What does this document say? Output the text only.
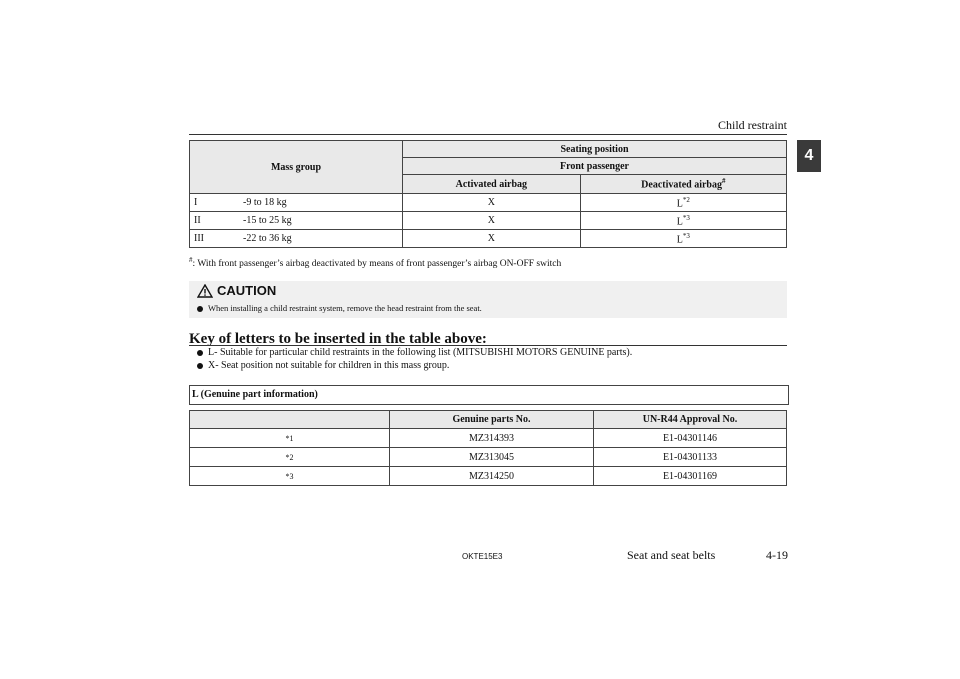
Child restraint
4
Mass group	Seating position	
	Front passenger	
	Activated airbag	Deactivated airbag#
I -9 to 18 kg	X	$L^{*2}$
II -15 to 25 kg	X	$L^{*3}$
III -22 to 36 kg	X	$L^{*3}$
#: With front passenger’s airbag deactivated by means of front passenger’s airbag ON-OFF switch
CAUTION
When installing a child restraint system, remove the head restraint from the seat.
Key of letters to be inserted in the table above:
L- Suitable for particular child restraints in the following list (MITSUBISHI MOTORS GENUINE parts).
X- Seat position not suitable for children in this mass group.
L (Genuine part information)
	Genuine parts No.	UN-R44 Approval No.
*1	MZ314393	E1-04301146
*2	MZ313045	E1-04301133
*3	MZ314250	E1-04301169
OKTE15E3	Seat and seat belts	4-19
